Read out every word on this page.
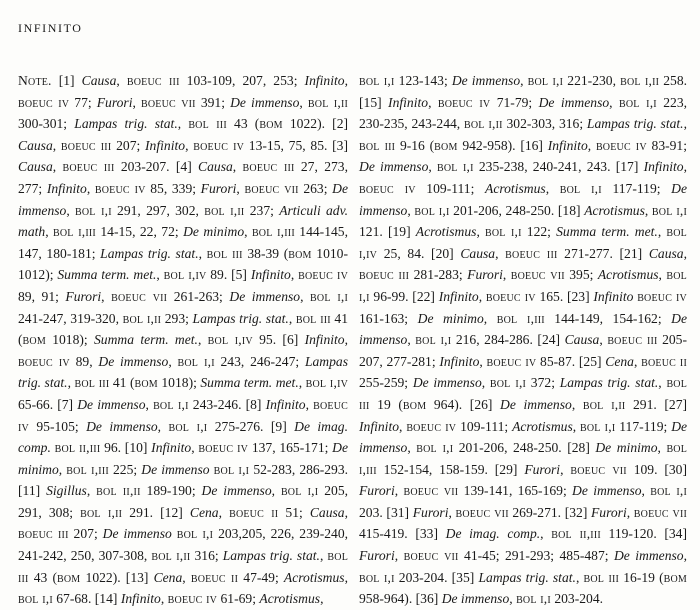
INFINITO
Note. [1] Causa, boeuc iii 103-109, 207, 253; Infinito, boeuc iv 77; Furori, boeuc vii 391; De immenso, bol i,ii 300-301; Lampas trig. stat., bol iii 43 (bom 1022). [2] Causa, boeuc iii 207; Infinito, boeuc iv 13-15, 75, 85. [3] Causa, boeuc iii 203-207. [4] Causa, boeuc iii 27, 273, 277; Infinito, boeuc iv 85, 339; Furori, boeuc vii 263; De immenso, bol i,i 291, 297, 302, bol i,ii 237; Articuli adv. math, bol i,iii 14-15, 22, 72; De minimo, bol i,iii 144-145, 147, 180-181; Lampas trig. stat., bol iii 38-39 (bom 1010-1012); Summa term. met., bol i,iv 89. [5] Infinito, boeuc iv 89, 91; Furori, boeuc vii 261-263; De immenso, bol i,i 241-247, 319-320, bol i,ii 293; Lampas trig. stat., bol iii 41 (bom 1018); Summa term. met., bol i,iv 95. [6] Infinito, boeuc iv 89, De immenso, bol i,i 243, 246-247; Lampas trig. stat., bol iii 41 (bom 1018); Summa term. met., bol i,iv 65-66. [7] De immenso, bol i,i 243-246. [8] Infinito, boeuc iv 95-105; De immenso, bol i,i 275-276. [9] De imag. comp. bol ii,iii 96. [10] Infinito, boeuc iv 137, 165-171; De minimo, bol i,iii 225; De immenso bol i,i 52-283, 286-293. [11] Sigillus, bol ii,ii 189-190; De immenso, bol i,i 205, 291, 308; bol i,ii 291. [12] Cena, boeuc ii 51; Causa, boeuc iii 207; De immenso bol i,i 203,205, 226, 239-240, 241-242, 250, 307-308, bol i,ii 316; Lampas trig. stat., bol iii 43 (bom 1022). [13] Cena, boeuc ii 47-49; Acrotismus, bol i,i 67-68. [14] Infinito, boeuc iv 61-69; Acrotismus,
bol i,i 123-143; De immenso, bol i,i 221-230, bol i,ii 258. [15] Infinito, boeuc iv 71-79; De immenso, bol i,i 223, 230-235, 243-244, bol i,ii 302-303, 316; Lampas trig. stat., bol iii 9-16 (bom 942-958). [16] Infinito, boeuc iv 83-91; De immenso, bol i,i 235-238, 240-241, 243. [17] Infinito, boeuc iv 109-111; Acrotismus, bol i,i 117-119; De immenso, bol i,i 201-206, 248-250. [18] Acrotismus, bol i,i 121. [19] Acrotismus, bol i,i 122; Summa term. met., bol i,iv 25, 84. [20] Causa, boeuc iii 271-277. [21] Causa, boeuc iii 281-283; Furori, boeuc vii 395; Acrotismus, bol i,i 96-99. [22] Infinito, boeuc iv 165. [23] Infinito boeuc iv 161-163; De minimo, bol i,iii 144-149, 154-162; De immenso, bol i,i 216, 284-286. [24] Causa, boeuc iii 205-207, 277-281; Infinito, boeuc iv 85-87. [25] Cena, boeuc ii 255-259; De immenso, bol i,i 372; Lampas trig. stat., bol iii 19 (bom 964). [26] De immenso, bol i,ii 291. [27] Infinito, boeuc iv 109-111; Acrotismus, bol i,i 117-119; De immenso, bol i,i 201-206, 248-250. [28] De minimo, bol i,iii 152-154, 158-159. [29] Furori, boeuc vii 109. [30] Furori, boeuc vii 139-141, 165-169; De immenso, bol i,i 203. [31] Furori, boeuc vii 269-271. [32] Furori, boeuc vii 415-419. [33] De imag. comp., bol ii,iii 119-120. [34] Furori, boeuc vii 41-45; 291-293; 485-487; De immenso, bol i,i 203-204. [35] Lampas trig. stat., bol iii 16-19 (bom 958-964). [36] De immenso, bol i,i 203-204.
